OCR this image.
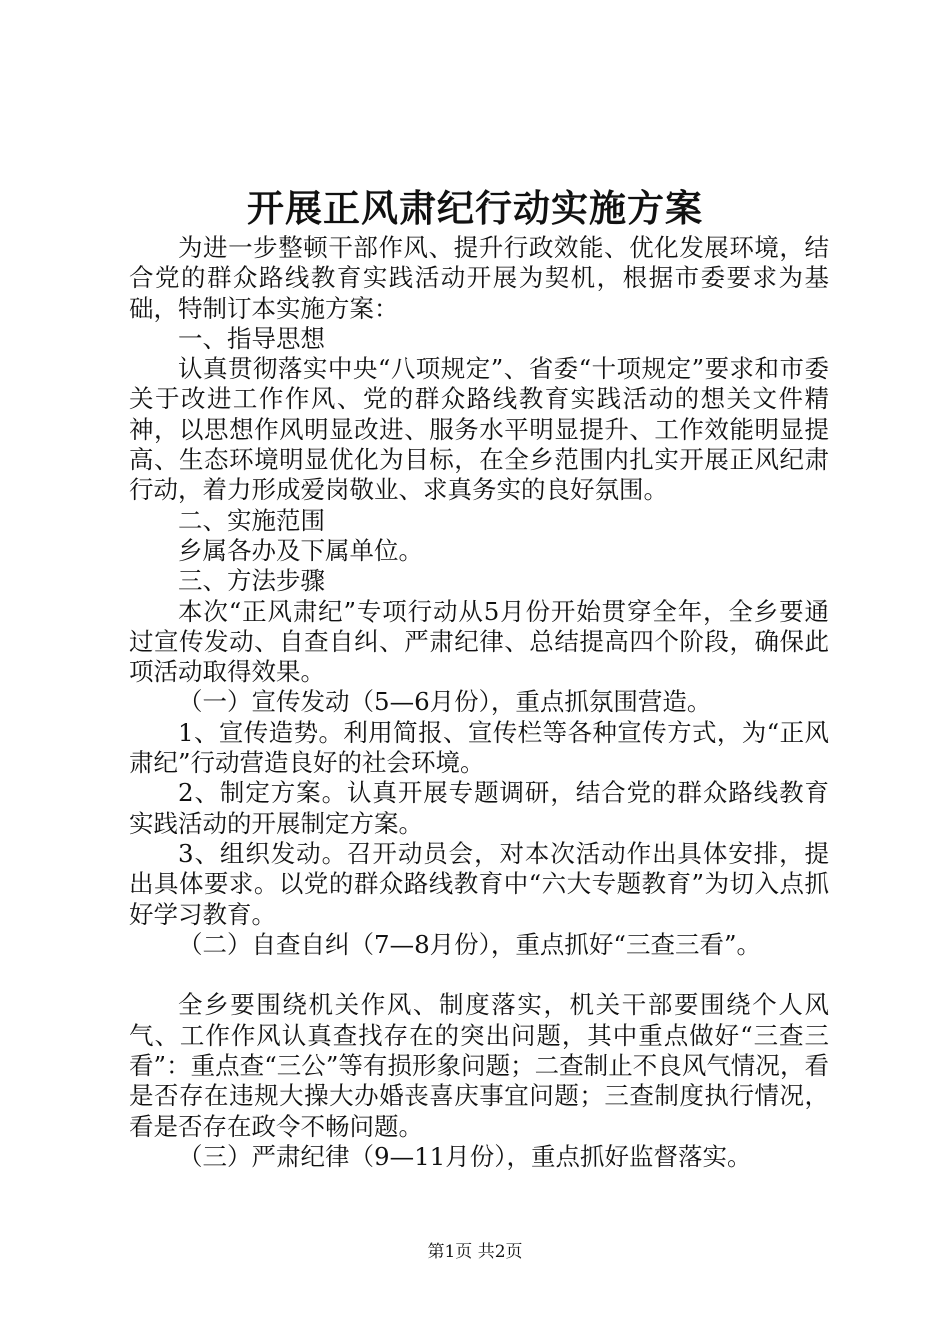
开展正风肃纪行动实施方案

为进一步整顿干部作风、提升行政效能、优化发展环境，结合党的群众路线教育实践活动开展为契机，根据市委要求为基础，特制订本实施方案：

一、指导思想

认真贯彻落实中央“八项规定”、省委“十项规定”要求和市委关于改进工作作风、党的群众路线教育实践活动的想关文件精神，以思想作风明显改进、服务水平明显提升、工作效能明显提高、生态环境明显优化为目标，在全乡范围内扎实开展正风纪肃行动，着力形成爱岗敬业、求真务实的良好氛围。

二、实施范围

乡属各办及下属单位。

三、方法步骤

本次“正风肃纪”专项行动从5月份开始贯穿全年，全乡要通过宣传发动、自查自纠、严肃纪律、总结提高四个阶段，确保此项活动取得效果。

（一）宣传发动（5—6月份），重点抓氛围营造。

1、宣传造势。利用简报、宣传栏等各种宣传方式，为“正风肃纪”行动营造良好的社会环境。

2、制定方案。认真开展专题调研，结合党的群众路线教育实践活动的开展制定方案。

3、组织发动。召开动员会，对本次活动作出具体安排，提出具体要求。以党的群众路线教育中“六大专题教育”为切入点抓好学习教育。

（二）自查自纠（7—8月份），重点抓好“三查三看”。

全乡要围绕机关作风、制度落实，机关干部要围绕个人风气、工作作风认真查找存在的突出问题，其中重点做好“三查三看”：重点查“三公”等有损形象问题；二查制止不良风气情况，看是否存在违规大操大办婚丧喜庆事宜问题；三查制度执行情况，看是否存在政令不畅问题。

（三）严肃纪律（9—11月份），重点抓好监督落实。

第1页 共2页
